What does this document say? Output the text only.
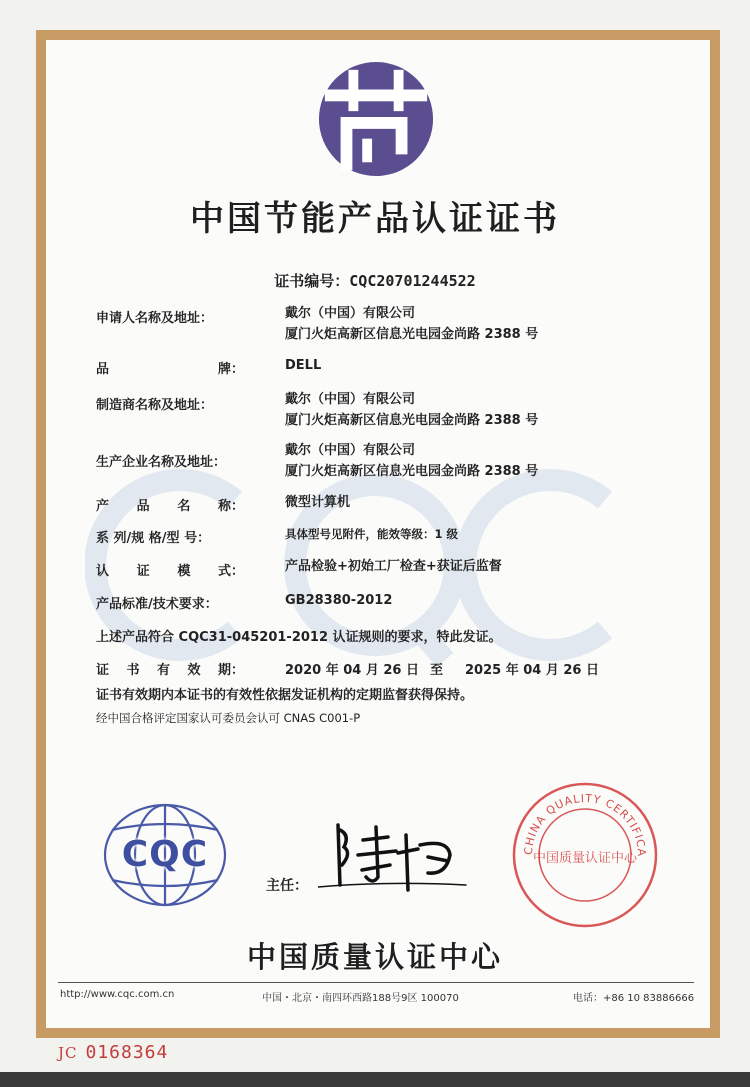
中国节能产品认证证书
证书编号：CQC20701244522
申请人名称及地址：	戴尔（中国）有限公司
厦门火炬高新区信息光电园金尚路 2388 号
品	牌：	DELL
制造商名称及地址：	戴尔（中国）有限公司
厦门火炬高新区信息光电园金尚路 2388 号
生产企业名称及地址：
戴尔（中国）有限公司
厦门火炬高新区信息光电园金尚路 2388 号
产 品 名 称：	微型计算机
系 列/规 格/型 号：	具体型号见附件，能效等级：1 级
认 证 模 式：	产品检验+初始工厂检查+获证后监督
产品标准/技术要求：	GB28380-2012
上述产品符合 CQC31-045201-2012 认证规则的要求，特此发证。
证 书 有 效 期：	2020 年 04 月 26 日 至 2025 年 04 月 26 日
证书有效期内本证书的有效性依据发证机构的定期监督获得保持。
经中国合格评定国家认可委员会认可 CNAS C001-P
CQC
主任：
CHINA QUALITY CERTIFICA
中国质量认证中心
中国质量认证中心
http://www.cqc.com.cn	中国・北京・南四环西路188号9区 100070	电话：+86 10 83886666
JC 0168364
